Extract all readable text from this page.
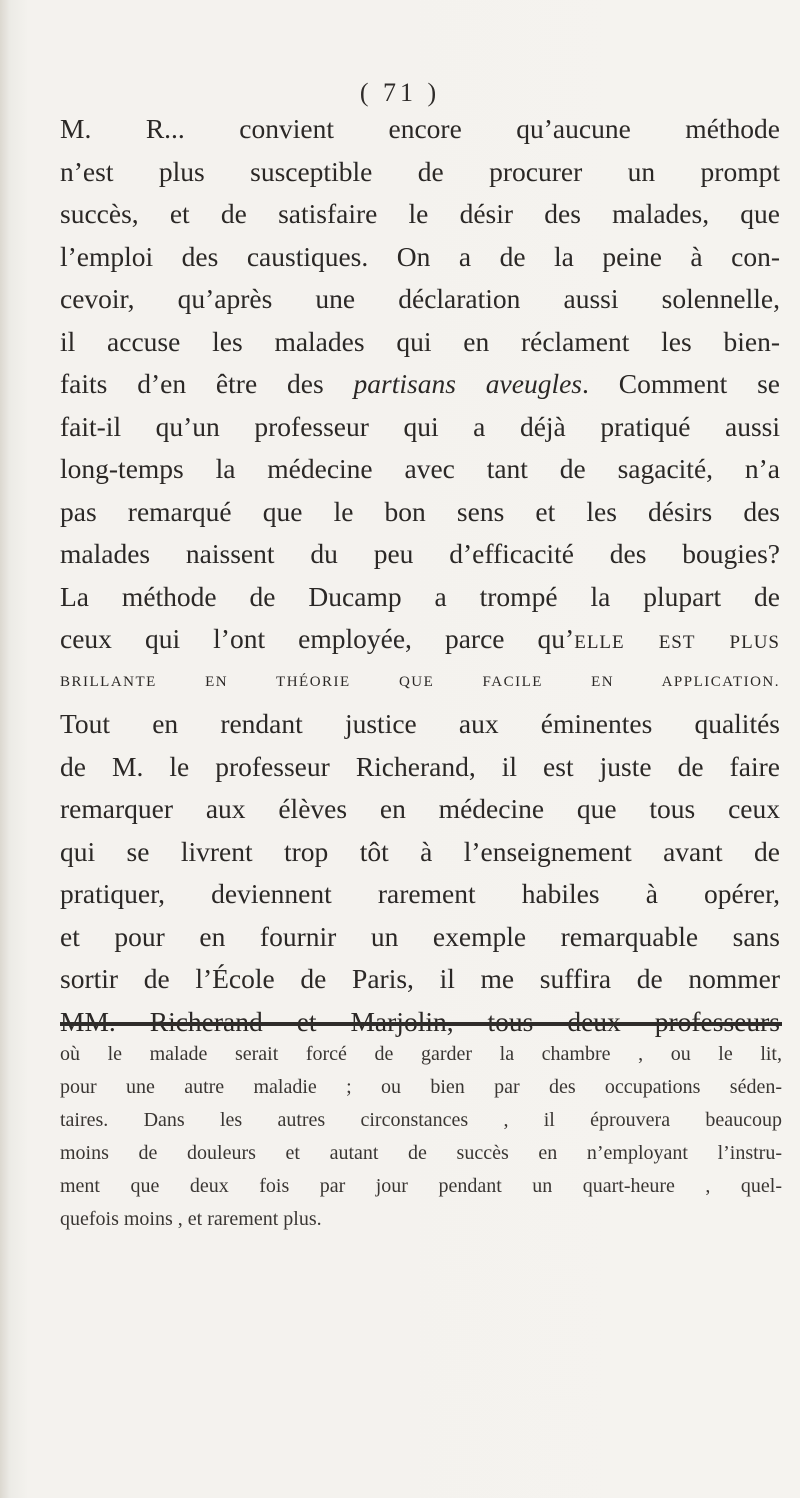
( 71 )
M. R... convient encore qu’aucune méthode
n’est plus susceptible de procurer un prompt
succès, et de satisfaire le désir des malades, que
l’emploi des caustiques. On a de la peine à con-
cevoir, qu’après une déclaration aussi solennelle,
il accuse les malades qui en réclament les bien-
faits d’en être des partisans aveugles. Comment se
fait-il qu’un professeur qui a déjà pratiqué aussi
long-temps la médecine avec tant de sagacité, n’a
pas remarqué que le bon sens et les désirs des
malades naissent du peu d’efficacité des bougies?
La méthode de Ducamp a trompé la plupart de
ceux qui l’ont employée, parce qu’elle est plus
BRILLANTE EN THÉORIE QUE FACILE EN APPLICATION.
Tout en rendant justice aux éminentes qualités
de M. le professeur Richerand, il est juste de faire
remarquer aux élèves en médecine que tous ceux
qui se livrent trop tôt à l’enseignement avant de
pratiquer, deviennent rarement habiles à opérer,
et pour en fournir un exemple remarquable sans
sortir de l’École de Paris, il me suffira de nommer
MM. Richerand et Marjolin, tous deux professeurs
où le malade serait forcé de garder la chambre , ou le lit,
pour une autre maladie ; ou bien par des occupations séden-
taires. Dans les autres circonstances , il éprouvera beaucoup
moins de douleurs et autant de succès en n’employant l’instru-
ment que deux fois par jour pendant un quart-heure , quel-
quefois moins , et rarement plus.
